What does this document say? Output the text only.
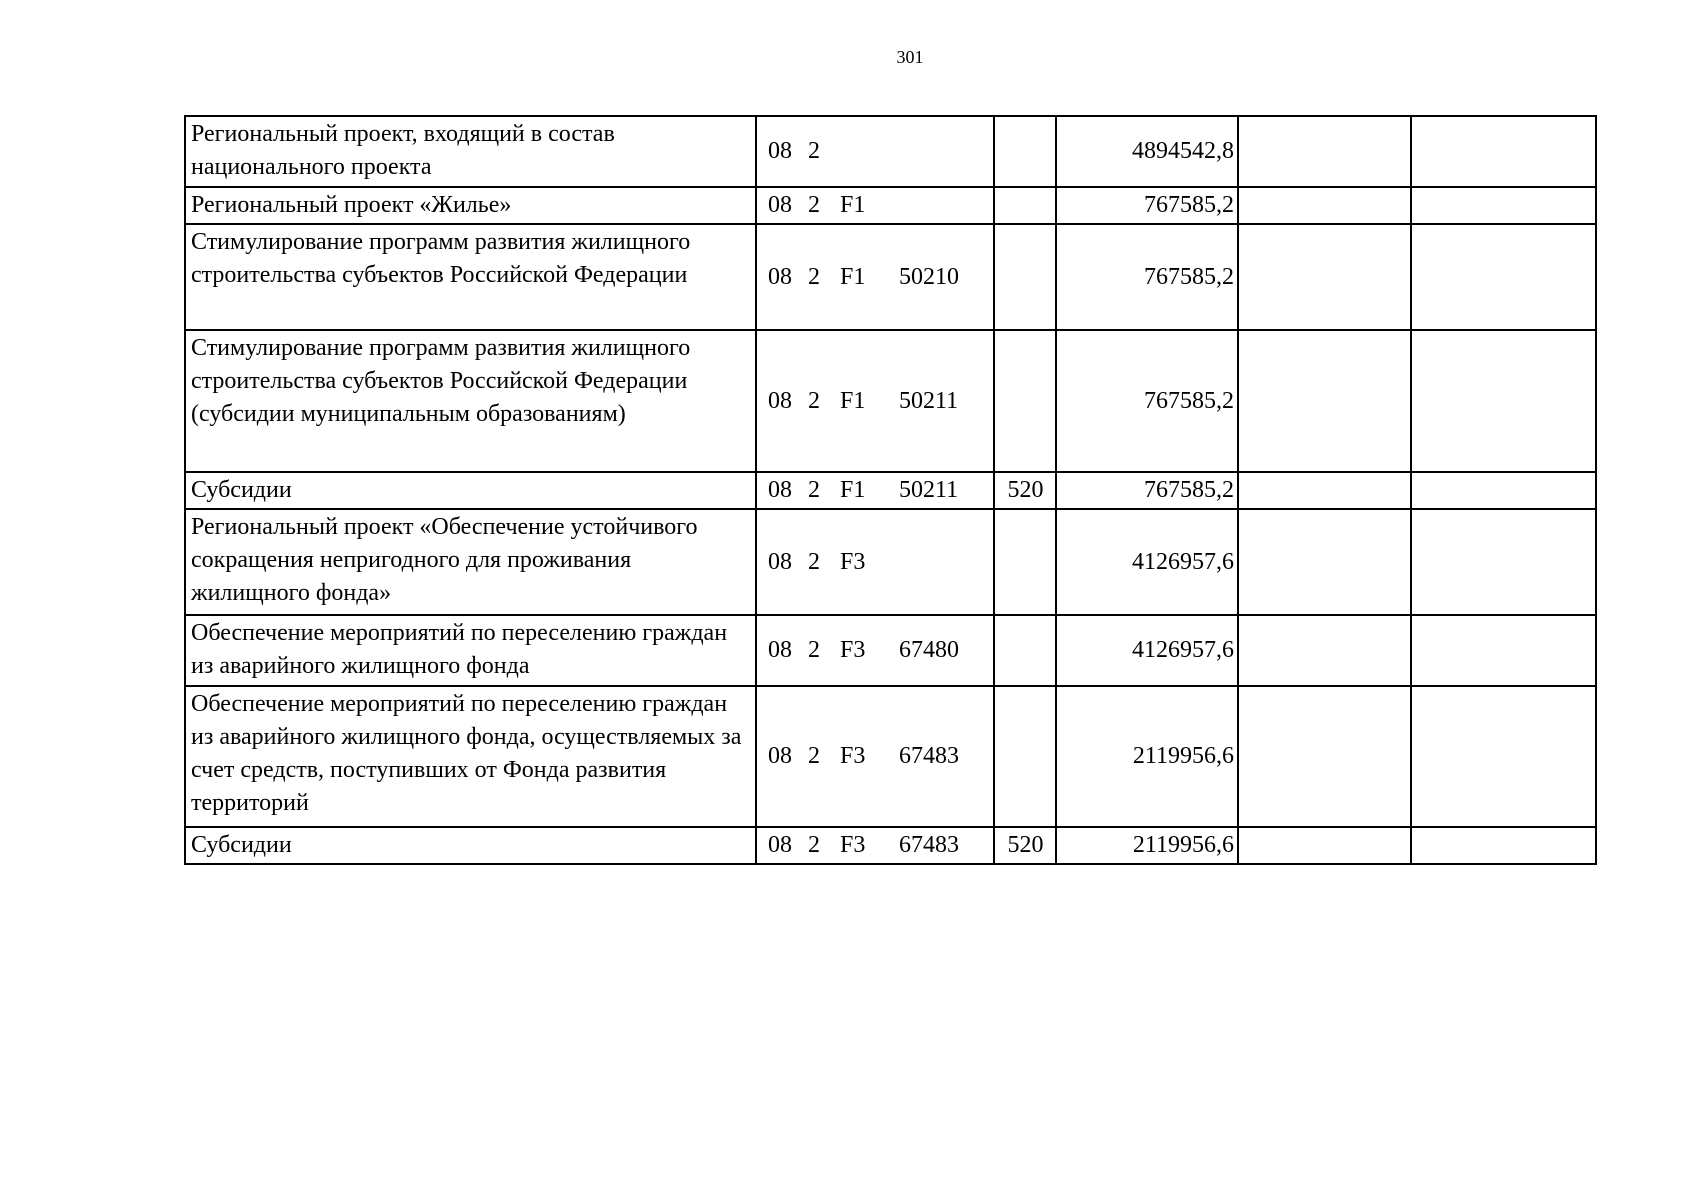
301
Региональный проект, входящий в состав национального проекта	08 2		4894542,8		
Региональный проект «Жилье»	08 2 F1		767585,2		
Стимулирование программ развития жилищного строительства субъектов Российской Федерации	08 2 F1 50210		767585,2		
Стимулирование программ развития жилищного строительства субъектов Российской Федерации (субсидии муниципальным образованиям)	08 2 F1 50211		767585,2		
Субсидии	08 2 F1 50211	520	767585,2		
Региональный проект «Обеспечение устойчивого сокращения непригодного для проживания жилищного фонда»	08 2 F3		4126957,6		
Обеспечение мероприятий по переселению граждан из аварийного жилищного фонда	08 2 F3 67480		4126957,6		
Обеспечение мероприятий по переселению граждан из аварийного жилищного фонда, осуществляемых за счет средств, поступивших от Фонда развития территорий	08 2 F3 67483		2119956,6		
Субсидии	08 2 F3 67483	520	2119956,6		
